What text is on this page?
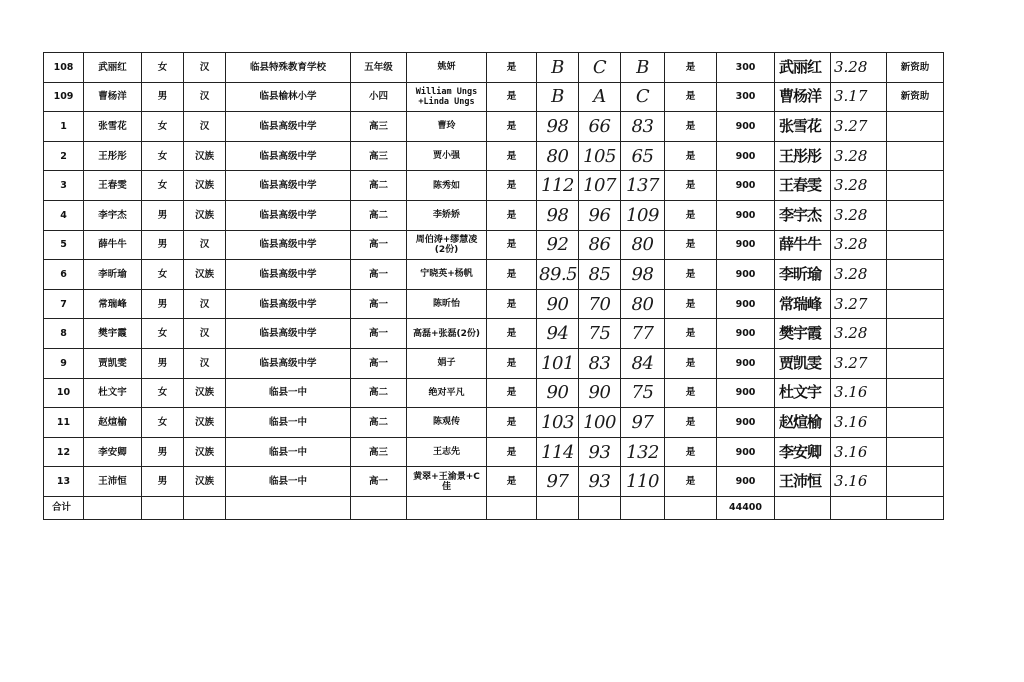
108	武丽红	女	汉	临县特殊教育学校	五年级	姚妍	是	B	C	B	是	300	武丽红	3.28	新资助
109	曹杨洋	男	汉	临县榆林小学	小四	William Ungs +Linda Ungs	是	B	A	C	是	300	曹杨洋	3.17	新资助
1	张雪花	女	汉	临县高级中学	高三	曹玲	是	98	66	83	是	900	张雪花	3.27	
2	王彤彤	女	汉族	临县高级中学	高三	贾小强	是	80	105	65	是	900	王彤彤	3.28	
3	王春雯	女	汉族	临县高级中学	高二	陈秀如	是	112	107	137	是	900	王春雯	3.28	
4	李宇杰	男	汉族	临县高级中学	高二	李娇娇	是	98	96	109	是	900	李宇杰	3.28	
5	薛牛牛	男	汉	临县高级中学	高一	周伯涛+缪慧凌 (2份)	是	92	86	80	是	900	薛牛牛	3.28	
6	李昕瑜	女	汉族	临县高级中学	高一	宁晓英+杨帆	是	89.5	85	98	是	900	李昕瑜	3.28	
7	常瑞峰	男	汉	临县高级中学	高一	陈昕怡	是	90	70	80	是	900	常瑞峰	3.27	
8	樊宇霞	女	汉	临县高级中学	高一	高磊+张磊(2份)	是	94	75	77	是	900	樊宇霞	3.28	
9	贾凯雯	男	汉	临县高级中学	高一	娟子	是	101	83	84	是	900	贾凯雯	3.27	
10	杜文宇	女	汉族	临县一中	高二	绝对平凡	是	90	90	75	是	900	杜文宇	3.16	
11	赵煊榆	女	汉族	临县一中	高二	陈观传	是	103	100	97	是	900	赵煊榆	3.16	
12	李安卿	男	汉族	临县一中	高三	王志先	是	114	93	132	是	900	李安卿	3.16	
13	王沛恒	男	汉族	临县一中	高一	黄翠+王渝景+C佳	是	97	93	110	是	900	王沛恒	3.16	
合计												44400			
